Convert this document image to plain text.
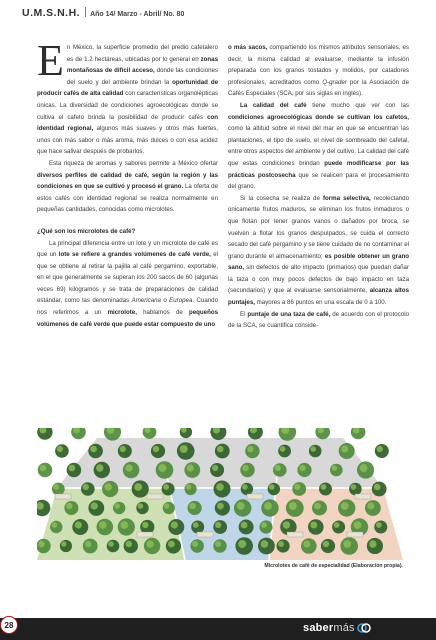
U.M.S.N.H. Año 14/ Marzo - Abril/ No. 80

En México, la superficie promedio del predio cafetalero es de 1.2 hectáreas, ubicadas por lo general en zonas montañosas de difícil acceso, donde las condiciones del suelo y del ambiente brindan la oportunidad de producir cafés de alta calidad con características organolépticas únicas. La diversidad de condiciones agroecológicas donde se cultiva el cafeto brinda la posibilidad de producir cafés con identidad regional, algunos más suaves y otros más fuertes, unos con más sabor o más aroma, más dulces o con esa acidez que hace salivar después de probarlos.

Esta riqueza de aromas y sabores permite a México ofertar diversos perfiles de calidad de café, según la región y las condiciones en que se cultivó y procesó el grano. La oferta de estos cafés con identidad regional se realiza normalmente en pequeñas cantidades, conocidas como microlotes.

¿Qué son los microlotes de café?

La principal diferencia entre un lote y un microlote de café es que un lote se refiere a grandes volúmenes de café verde, el que se obtiene al retirar la pajilla al café pergamino, exportable, en el que generalmente se superan los 200 sacos de 60 (algunas veces 69) kilogramos y se trata de preparaciones de calidad estándar, como las denominadas Americana o Europea. Cuando nos referimos a un microlote, hablamos de pequeños volúmenes de café verde que puede estar compuesto de uno

o más sacos, compartiendo los mismos atributos sensoriales, es decir, la misma calidad al evaluarse, mediante la infusión preparada con los granos tostados y molidos, por catadores profesionales, acreditados como Q-grader por la Asociación de Cafés Especiales (SCA, por sus siglas en inglés).

La calidad del café tiene mucho que ver con las condiciones agroecológicas donde se cultivan los cafetos, como la altitud sobre el nivel del mar en que se encuentran las plantaciones, el tipo de suelo, el nivel de sombreado del cafetal, entre otros aspectos del ambiente y del cultivo. La calidad del café que estas condiciones brindan puede modificarse por las prácticas postcosecha que se realicen para el procesamiento del grano.

Si la cosecha se realiza de forma selectiva, recolectando únicamente frutos maduros, se eliminan los frutos inmaduros o que flotan por tener granos vanos o dañados por broca, se vuelven a flotar los granos despulpados, se cuida el correcto secado del café pergamino y se tiene cuidado de no contaminar el grano durante el almacenamiento; es posible obtener un grano sano, sin defectos de alto impacto (primarios) que puedan dañar la taza o con muy pocos defectos de bajo impacto en taza (secundarios) y que al evaluarse sensorialmente, alcanza altos puntajes, mayores a 86 puntos en una escala de 0 a 100.

El puntaje de una taza de café, de acuerdo con el protocolo de la SCA, se cuantifica conside-

Microlotes de café de especialidad (Elaboración propia).
28	sabermás
